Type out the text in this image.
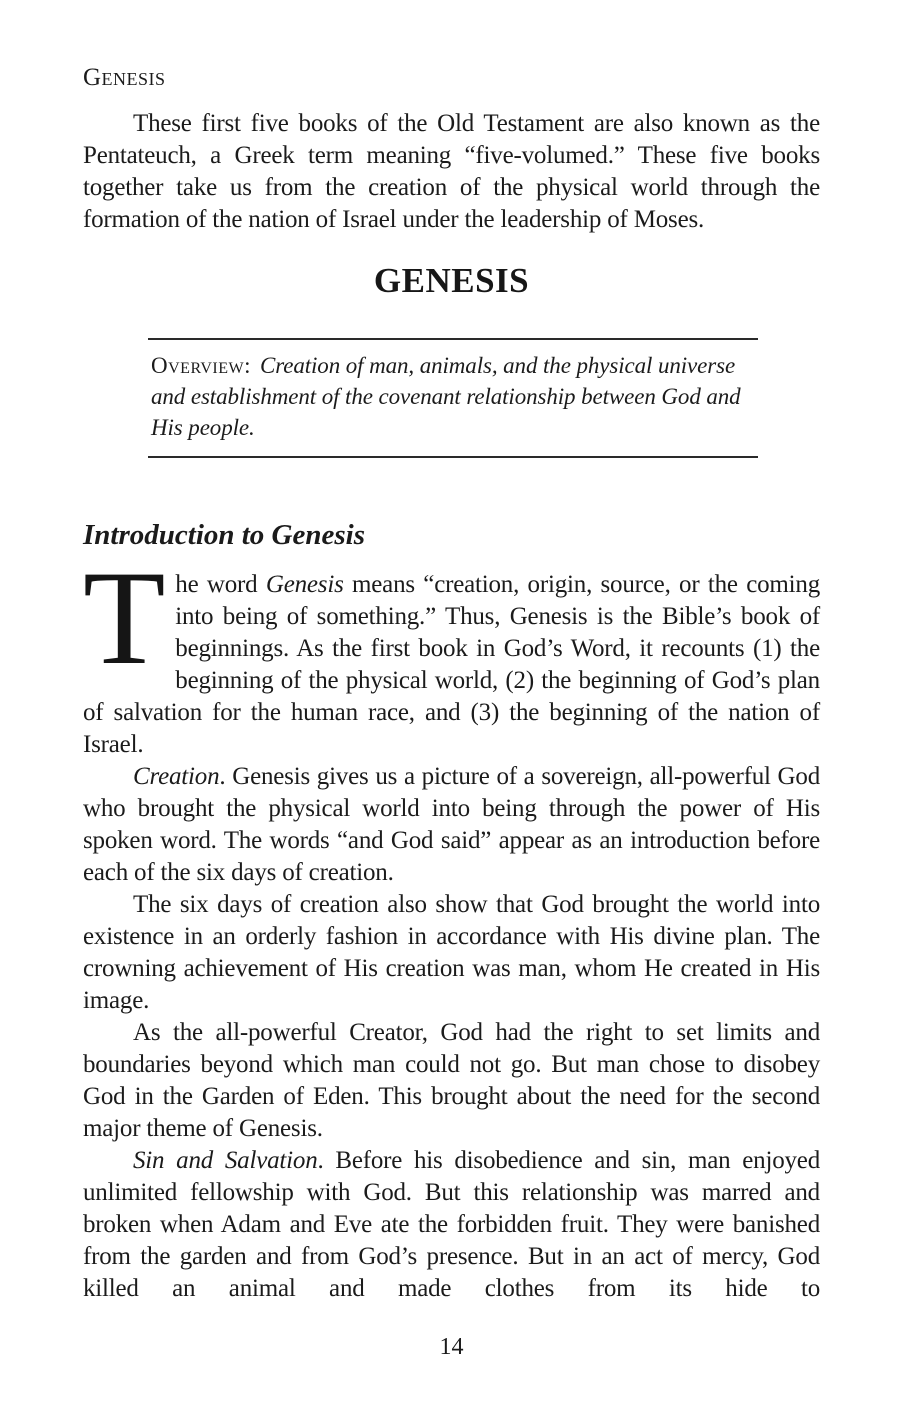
Genesis

These first five books of the Old Testament are also known as the Pentateuch, a Greek term meaning “five-volumed.” These five books together take us from the creation of the physical world through the formation of the nation of Israel under the leadership of Moses.

GENESIS
Overview: Creation of man, animals, and the physical universe and establishment of the covenant relationship between God and His people.
Introduction to Genesis

The word Genesis means “creation, origin, source, or the coming into being of something.” Thus, Genesis is the Bible’s book of beginnings. As the first book in God’s Word, it recounts (1) the beginning of the physical world, (2) the beginning of God’s plan of salvation for the human race, and (3) the beginning of the nation of Israel.

Creation. Genesis gives us a picture of a sovereign, all-powerful God who brought the physical world into being through the power of His spoken word. The words “and God said” appear as an introduction before each of the six days of creation.

The six days of creation also show that God brought the world into existence in an orderly fashion in accordance with His divine plan. The crowning achievement of His creation was man, whom He created in His image.

As the all-powerful Creator, God had the right to set limits and boundaries beyond which man could not go. But man chose to disobey God in the Garden of Eden. This brought about the need for the second major theme of Genesis.

Sin and Salvation. Before his disobedience and sin, man enjoyed unlimited fellowship with God. But this relationship was marred and broken when Adam and Eve ate the forbidden fruit. They were banished from the garden and from God’s presence. But in an act of mercy, God killed an animal and made clothes from its hide to

14
